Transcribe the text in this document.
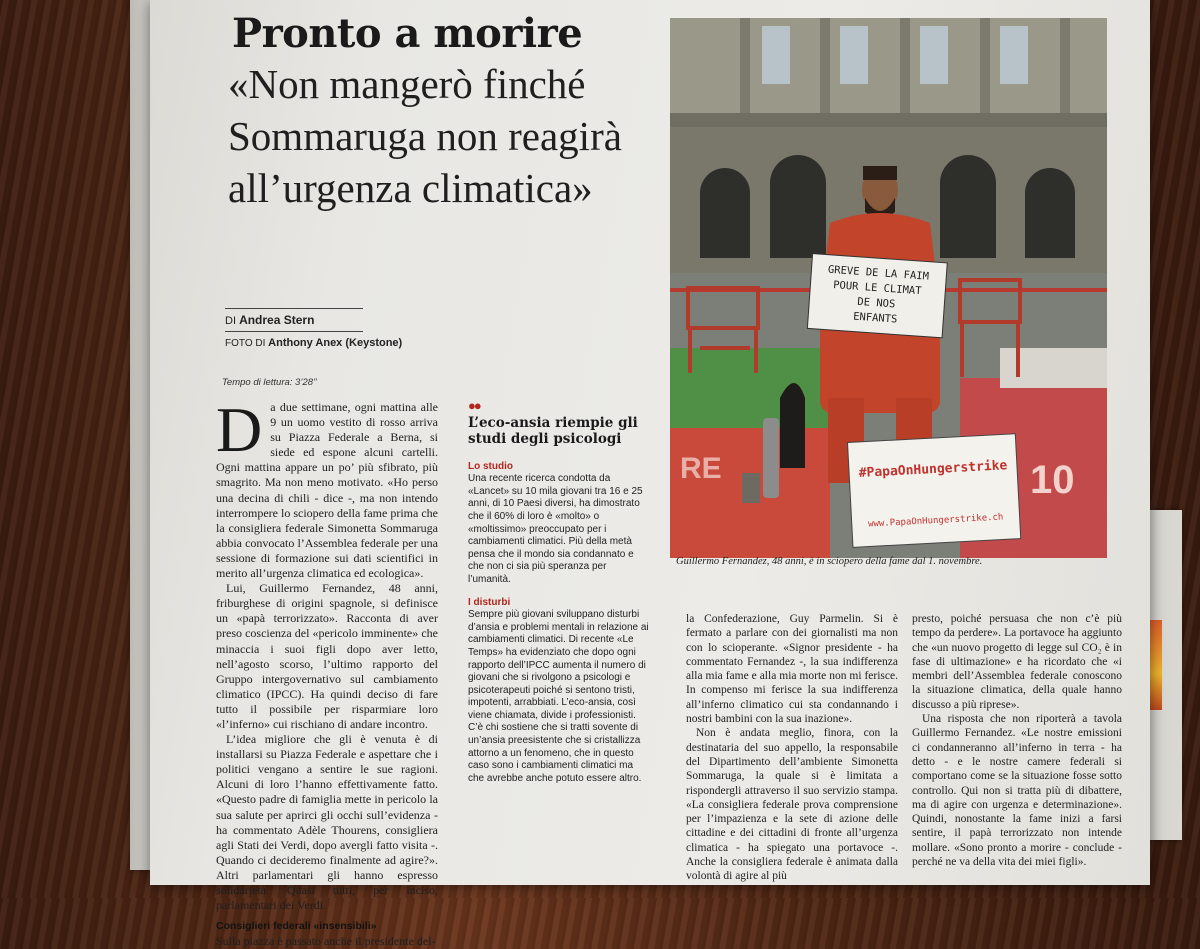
Pronto a morire
«Non mangerò finché Sommaruga non reagirà all’urgenza climatica»
DI Andrea Stern
FOTO DI Anthony Anex (Keystone)
Tempo di lettura: 3’28’’
D a due settimane, ogni mattina alle 9 un uomo vestito di rosso arriva su Piazza Federale a Berna, si siede ed espone alcuni cartelli. Ogni mattina appare un po’ più sfibrato, più smagrito. Ma non meno motivato. «Ho perso una decina di chili - dice -, ma non intendo interrompere lo sciopero della fame prima che la consigliera federale Simonetta Sommaruga abbia convocato l’Assemblea federale per una sessione di formazione sui dati scientifici in merito all’urgenza climatica ed ecologica».

Lui, Guillermo Fernandez, 48 anni, friburghese di origini spagnole, si definisce un «papà terrorizzato». Racconta di aver preso coscienza del «pericolo imminente» che minaccia i suoi figli dopo aver letto, nell’agosto scorso, l’ultimo rapporto del Gruppo intergovernativo sul cambiamento climatico (IPCC). Ha quindi deciso di fare tutto il possibile per risparmiare loro «l’inferno» cui rischiano di andare incontro.

L’idea migliore che gli è venuta è di installarsi su Piazza Federale e aspettare che i politici vengano a sentire le sue ragioni. Alcuni di loro l’hanno effettivamente fatto. «Questo padre di famiglia mette in pericolo la sua salute per aprirci gli occhi sull’evidenza - ha commentato Adèle Thourens, consigliera agli Stati dei Verdi, dopo avergli fatto visita -. Quando ci decideremo finalmente ad agire?». Altri parlamentari gli hanno espresso solidarietà. Quasi tutti, per inciso, parlamentari dei Verdi.

Consiglieri federali «insensibili»

Sulla piazza è passato anche il presidente del-

●●
L’eco-ansia riempie gli studi degli psicologi
Lo studio

Una recente ricerca condotta da «Lancet» su 10 mila giovani tra 16 e 25 anni, di 10 Paesi diversi, ha dimostrato che il 60% di loro è «molto» o «moltissimo» preoccupato per i cambiamenti climatici. Più della metà pensa che il mondo sia condannato e che non ci sia più speranza per l’umanità.

I disturbi

Sempre più giovani sviluppano disturbi d’ansia e problemi mentali in relazione ai cambiamenti climatici. Di recente «Le Temps» ha evidenziato che dopo ogni rapporto dell’IPCC aumenta il numero di giovani che si rivolgono a psicologi e psicoterapeuti poiché si sentono tristi, impotenti, arrabbiati. L’eco-ansia, così viene chiamata, divide i professionisti. C’è chi sostiene che si tratti sovente di un’ansia preesistente che si cristallizza attorno a un fenomeno, che in questo caso sono i cambiamenti climatici ma che avrebbe anche potuto essere altro.

RE	10
GREVE DE LA FAIM
POUR LE CLIMAT
DE NOS
ENFANTS
#PapaOnHungerstrike
www.PapaOnHungerstrike.ch
Guillermo Fernandez, 48 anni, è in sciopero della fame dal 1. novembre.

la Confederazione, Guy Parmelin. Si è fermato a parlare con dei giornalisti ma non con lo scioperante. «Signor presidente - ha commentato Fernandez -, la sua indifferenza alla mia fame e alla mia morte non mi ferisce. In compenso mi ferisce la sua indifferenza all’inferno climatico cui sta condannando i nostri bambini con la sua inazione».

Non è andata meglio, finora, con la destinataria del suo appello, la responsabile del Dipartimento dell’ambiente Simonetta Sommaruga, la quale si è limitata a rispondergli attraverso il suo servizio stampa. «La consigliera federale prova comprensione per l’impazienza e la sete di azione delle cittadine e dei cittadini di fronte all’urgenza climatica - ha spiegato una portavoce -. Anche la consigliera federale è animata dalla volontà di agire al più

presto, poiché persuasa che non c’è più tempo da perdere». La portavoce ha aggiunto che «un nuovo progetto di legge sul CO₂ è in fase di ultimazione» e ha ricordato che «i membri dell’Assemblea federale conoscono la situazione climatica, della quale hanno discusso a più riprese».

Una risposta che non riporterà a tavola Guillermo Fernandez. «Le nostre emissioni ci condanneranno all’inferno in terra - ha detto - e le nostre camere federali si comportano come se la situazione fosse sotto controllo. Qui non si tratta più di dibattere, ma di agire con urgenza e determinazione». Quindi, nonostante la fame inizi a farsi sentire, il papà terrorizzato non intende mollare. «Sono pronto a morire - conclude - perché ne va della vita dei miei figli».
